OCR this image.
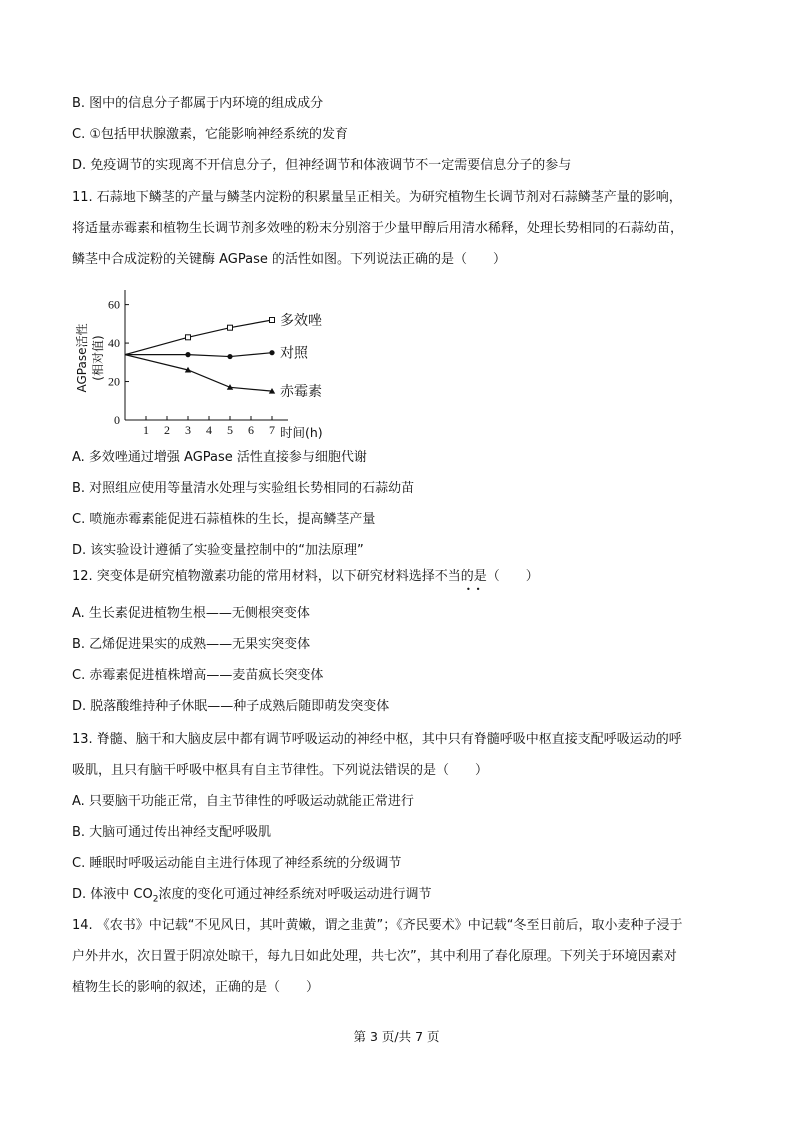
B. 图中的信息分子都属于内环境的组成成分
C. ①包括甲状腺激素，它能影响神经系统的发育
D. 免疫调节的实现离不开信息分子，但神经调节和体液调节不一定需要信息分子的参与
11. 石蒜地下鳞茎的产量与鳞茎内淀粉的积累量呈正相关。为研究植物生长调节剂对石蒜鳞茎产量的影响，
将适量赤霉素和植物生长调节剂多效唑的粉末分别溶于少量甲醇后用清水稀释，处理长势相同的石蒜幼苗，
鳞茎中合成淀粉的关键酶 AGPase 的活性如图。下列说法正确的是（　　）
0
20
40
60
1 2 3 4 5 6 7
多效唑
对照
赤霉素
AGPase活性 (相对值)
时间(h)
A. 多效唑通过增强 AGPase 活性直接参与细胞代谢
B. 对照组应使用等量清水处理与实验组长势相同的石蒜幼苗
C. 喷施赤霉素能促进石蒜植株的生长，提高鳞茎产量
D. 该实验设计遵循了实验变量控制中的“加法原理”
12. 突变体是研究植物激素功能的常用材料，以下研究材料选择不当的是（　　）
•  •
A. 生长素促进植物生根——无侧根突变体
B. 乙烯促进果实的成熟——无果实突变体
C. 赤霉素促进植株增高——麦苗疯长突变体
D. 脱落酸维持种子休眠——种子成熟后随即萌发突变体
13. 脊髓、脑干和大脑皮层中都有调节呼吸运动的神经中枢，其中只有脊髓呼吸中枢直接支配呼吸运动的呼
吸肌，且只有脑干呼吸中枢具有自主节律性。下列说法错误的是（　　）
A. 只要脑干功能正常，自主节律性的呼吸运动就能正常进行
B. 大脑可通过传出神经支配呼吸肌
C. 睡眠时呼吸运动能自主进行体现了神经系统的分级调节
D. 体液中 $CO_2$浓度的变化可通过神经系统对呼吸运动进行调节
14. 《农书》中记载“不见风日，其叶黄嫩，谓之韭黄”；《齐民要术》中记载“冬至日前后，取小麦种子浸于
户外井水，次日置于阴凉处晾干，每九日如此处理，共七次”，其中利用了春化原理。下列关于环境因素对
植物生长的影响的叙述，正确的是（　　）
第 3 页/共 7 页
